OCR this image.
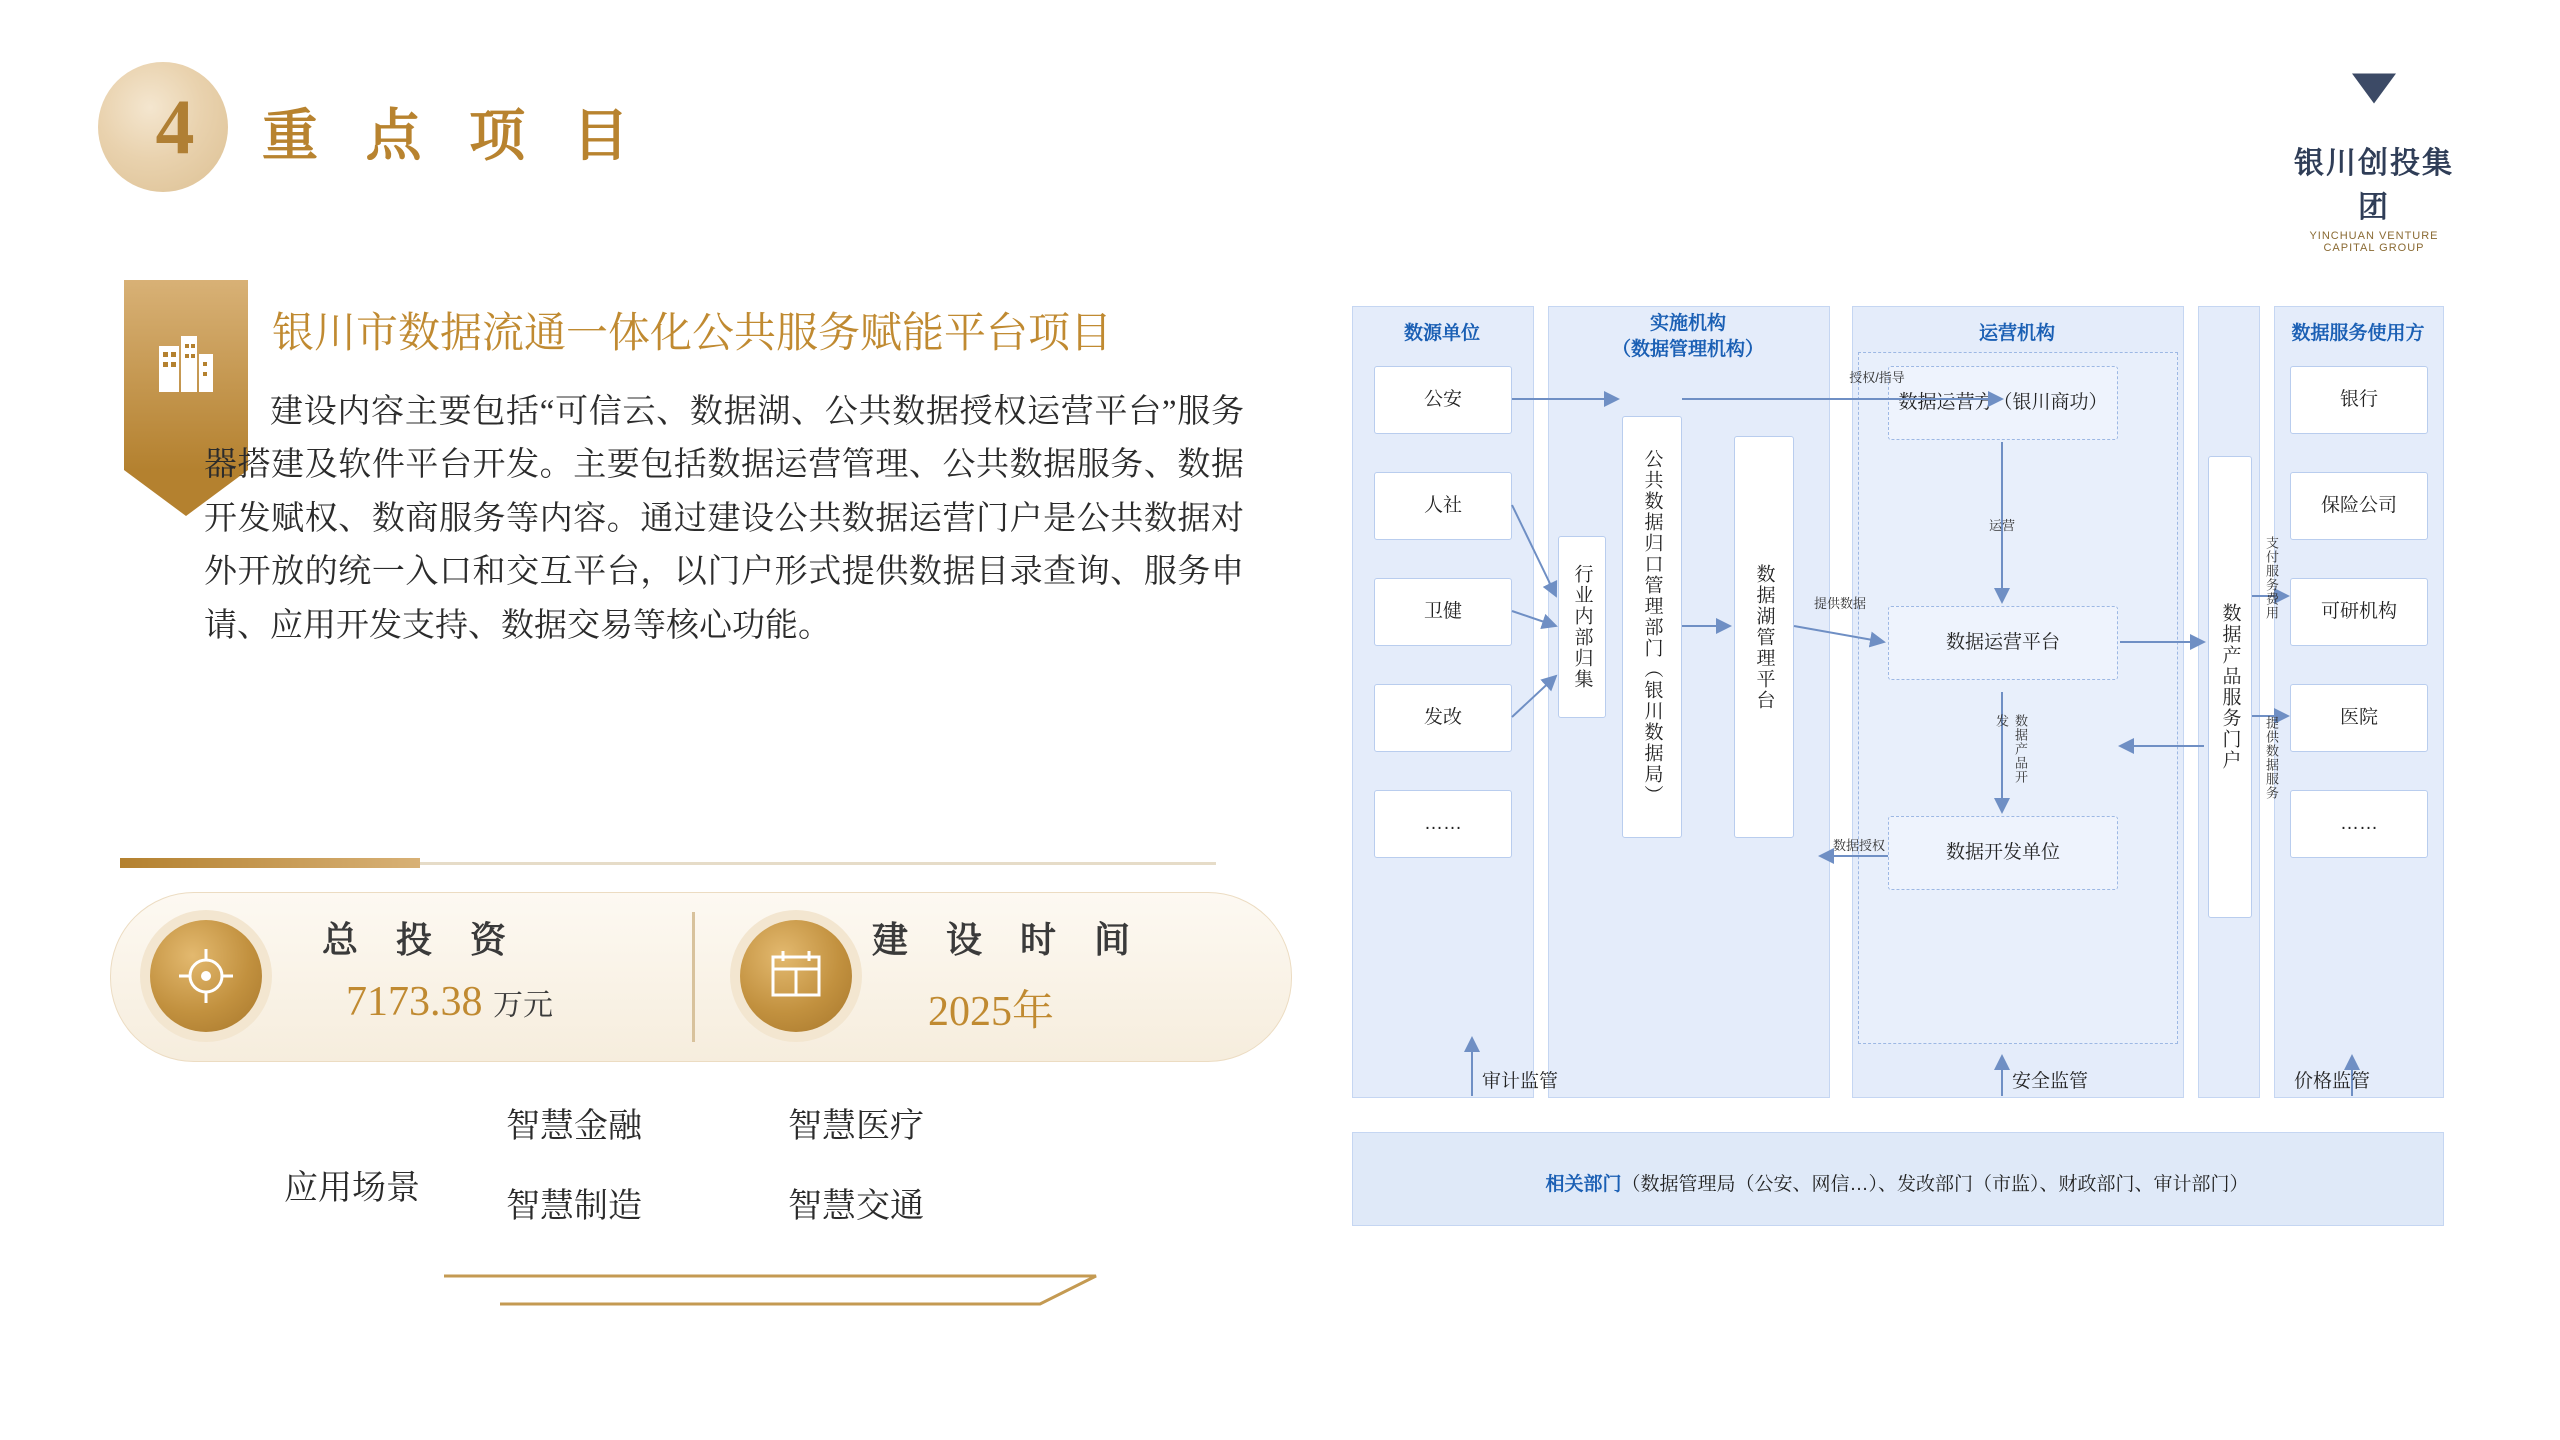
4	重 点 项 目	银川创投集团
YINCHUAN VENTURE CAPITAL GROUP
银川市数据流通一体化公共服务赋能平台项目
建设内容主要包括“可信云、数据湖、公共数据授权运营平台”服务器搭建及软件平台开发。主要包括数据运营管理、公共数据服务、数据开发赋权、数商服务等内容。通过建设公共数据运营门户是公共数据对外开放的统一入口和交互平台，以门户形式提供数据目录查询、服务申请、应用开发支持、数据交易等核心功能。
总 投 资
7173.38 万元
建 设 时 间
2025年
应用场景
智慧金融	智慧医疗
智慧制造	智慧交通
数源单位	实施机构
（数据管理机构）
运营机构	数据服务使用方
公安
人社
卫健
发改
……
行业内部归集	公共数据归口管理部门（银川数据局）	数据湖管理平台
数据运营方（银川商功）
数据运营平台
数据开发单位
数据产品服务门户
银行
保险公司
可研机构
医院
……
授权/指导
提供数据
运营
数据产品开发
数据授权
支付服务费用
提供数据服务
审计监管	安全监管	价格监管
相关部门（数据管理局（公安、网信…）、发改部门（市监）、财政部门、审计部门）
